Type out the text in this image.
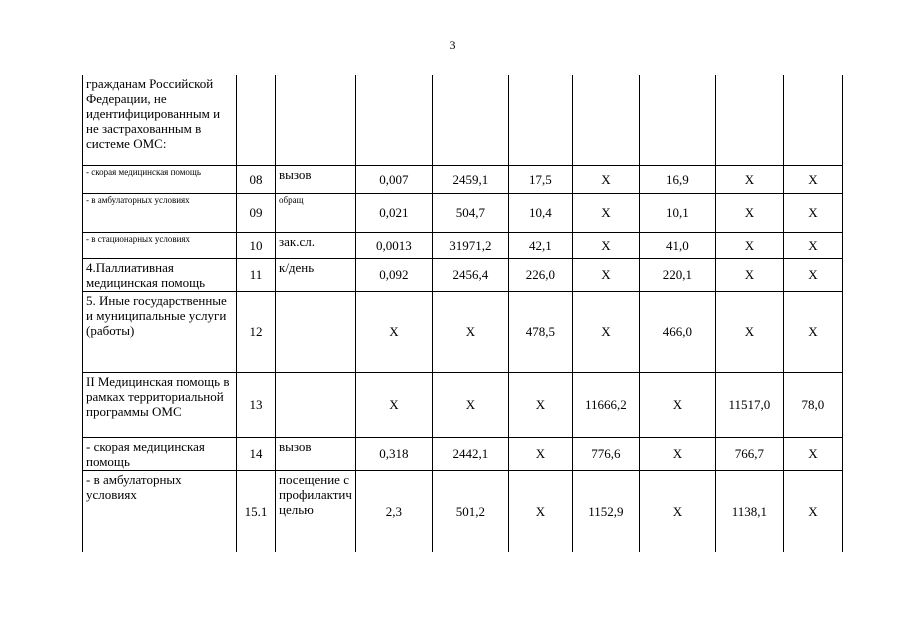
3
гражданам Российской Федерации, не идентифицированным и не застрахованным в системе ОМС:									
- скорая медицинская помощь	08	вызов	0,007	2459,1	17,5	X	16,9	X	X
- в амбулаторных условиях	09	обращ	0,021	504,7	10,4	X	10,1	X	X
- в стационарных условиях	10	зак.сл.	0,0013	31971,2	42,1	X	41,0	X	X
4.Паллиативная медицинская помощь	11	к/день	0,092	2456,4	226,0	X	220,1	X	X
5. Иные государственные и муниципальные услуги (работы)	12		X	X	478,5	X	466,0	X	X
II Медицинская помощь в рамках территориальной программы ОМС	13		X	X	X	11666,2	X	11517,0	78,0
- скорая медицинская помощь	14	вызов	0,318	2442,1	X	776,6	X	766,7	X
- в амбулаторных условиях	15.1	посещение с профилактич целью	2,3	501,2	X	1152,9	X	1138,1	X
